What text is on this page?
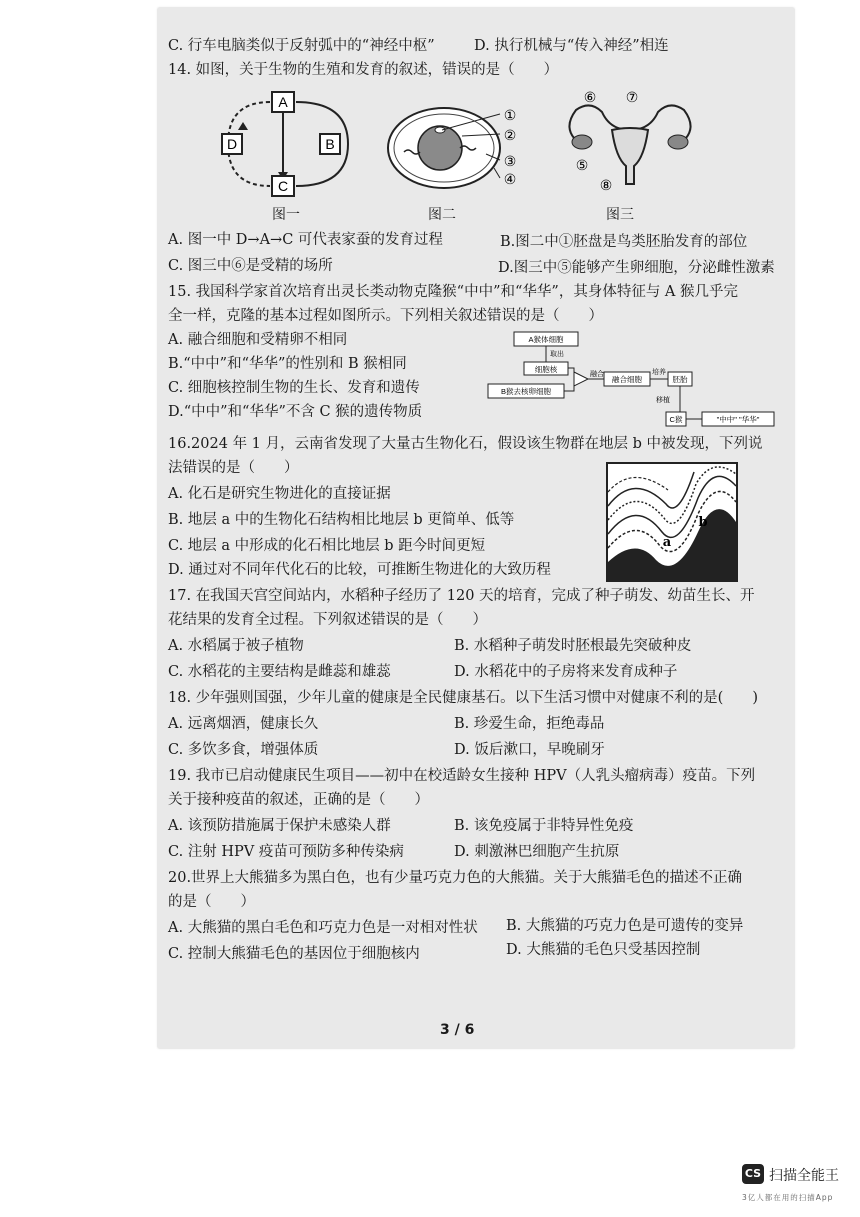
C. 行车电脑类似于反射弧中的“神经中枢”	D. 执行机械与“传入神经”相连
14. 如图，关于生物的生殖和发育的叙述，错误的是（　　）
A
B
C
D
图一
①
②
③
④
图二
⑥ ⑦
⑤
⑧
图三
A. 图一中 D→A→C 可代表家蚕的发育过程	B.图二中①胚盘是鸟类胚胎发育的部位
C. 图三中⑥是受精的场所	D.图三中⑤能够产生卵细胞，分泌雌性激素
15. 我国科学家首次培育出灵长类动物克隆猴“中中”和“华华”，其身体特征与 A 猴几乎完
全一样，克隆的基本过程如图所示。下列相关叙述错误的是（　　）
A. 融合细胞和受精卵不相同
B.“中中”和“华华”的性别和 B 猴相同
C. 细胞核控制生物的生长、发育和遗传
D.“中中”和“华华”不含 C 猴的遗传物质
A猴体细胞
取出
细胞核
B猴去核卵细胞
融合
融合细胞
培养
胚胎
移植
C猴	"中中" "华华"
16.2024 年 1 月，云南省发现了大量古生物化石，假设该生物群在地层 b 中被发现，下列说
法错误的是（　　）
A. 化石是研究生物进化的直接证据
B. 地层 a 中的生物化石结构相比地层 b 更简单、低等
C. 地层 a 中形成的化石相比地层 b 距今时间更短
D. 通过对不同年代化石的比较，可推断生物进化的大致历程
a
b
17. 在我国天宫空间站内，水稻种子经历了 120 天的培育，完成了种子萌发、幼苗生长、开
花结果的发育全过程。下列叙述错误的是（　　）
A. 水稻属于被子植物	B. 水稻种子萌发时胚根最先突破种皮
C. 水稻花的主要结构是雌蕊和雄蕊	D. 水稻花中的子房将来发育成种子
18. 少年强则国强，少年儿童的健康是全民健康基石。以下生活习惯中对健康不利的是(　　)
A. 远离烟酒，健康长久	B. 珍爱生命，拒绝毒品
C. 多饮多食，增强体质	D. 饭后漱口，早晚刷牙
19. 我市已启动健康民生项目——初中在校适龄女生接种 HPV（人乳头瘤病毒）疫苗。下列
关于接种疫苗的叙述，正确的是（　　）
A. 该预防措施属于保护未感染人群	B. 该免疫属于非特异性免疫
C. 注射 HPV 疫苗可预防多种传染病	D. 刺激淋巴细胞产生抗原
20.世界上大熊猫多为黑白色，也有少量巧克力色的大熊猫。关于大熊猫毛色的描述不正确
的是（　　）
A. 大熊猫的黑白毛色和巧克力色是一对相对性状 B. 大熊猫的巧克力色是可遗传的变异
C. 控制大熊猫毛色的基因位于细胞核内	D. 大熊猫的毛色只受基因控制
3 / 6
CS 扫描全能王
3亿人都在用的扫描App
